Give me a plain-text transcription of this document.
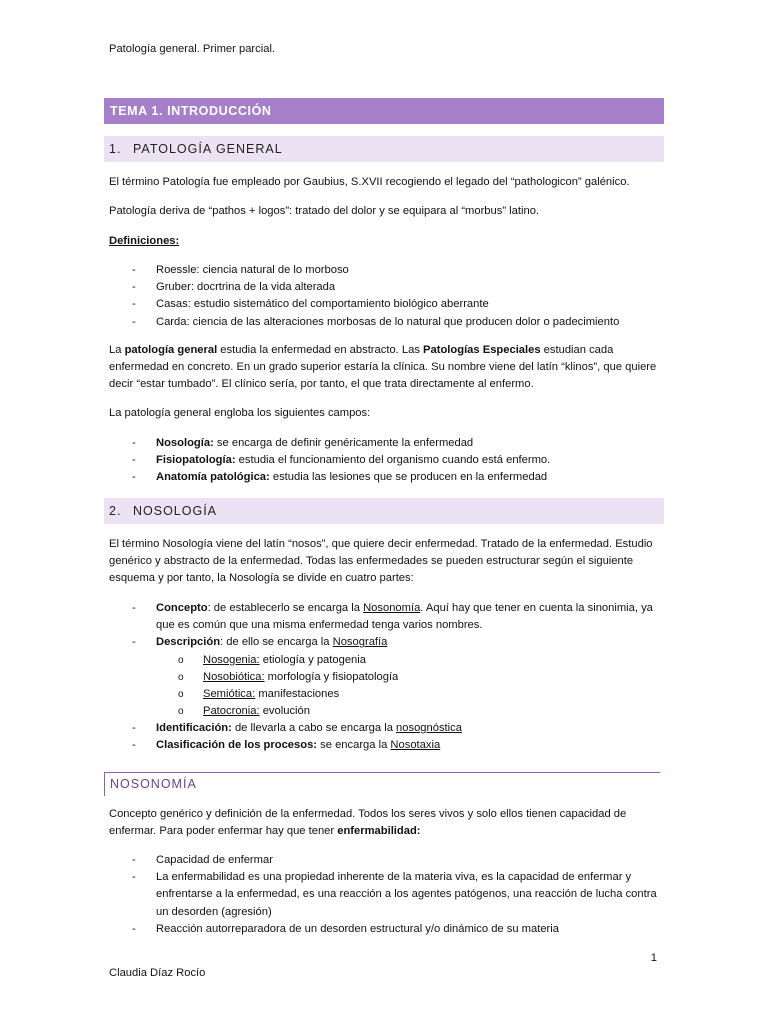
Patología general. Primer parcial.
TEMA 1. INTRODUCCIÓN
1. PATOLOGÍA GENERAL
El término Patología fue empleado por Gaubius, S.XVII recogiendo el legado del “pathologicon” galénico.
Patología deriva de “pathos + logos”: tratado del dolor y se equipara al “morbus” latino.
Definiciones:
- Roessle: ciencia natural de lo morboso
- Gruber: docrtrina de la vida alterada
- Casas: estudio sistemático del comportamiento biológico aberrante
- Carda: ciencia de las alteraciones morbosas de lo natural que producen dolor o padecimiento
La patología general estudia la enfermedad en abstracto. Las Patologías Especiales estudian cada enfermedad en concreto. En un grado superior estaría la clínica. Su nombre viene del latín “klinos”, que quiere decir “estar tumbado”. El clínico sería, por tanto, el que trata directamente al enfermo.
La patología general engloba los siguientes campos:
- Nosología: se encarga de definir genéricamente la enfermedad
- Fisiopatología: estudia el funcionamiento del organismo cuando está enfermo.
- Anatomía patológica: estudia las lesiones que se producen en la enfermedad
2. NOSOLOGÍA
El término Nosología viene del latín “nosos”, que quiere decir enfermedad. Tratado de la enfermedad. Estudio genérico y abstracto de la enfermedad. Todas las enfermedades se pueden estructurar según el siguiente esquema y por tanto, la Nosología se divide en cuatro partes:
- Concepto: de establecerlo se encarga la Nosonomía. Aquí hay que tener en cuenta la sinonimia, ya que es común que una misma enfermedad tenga varios nombres.
- Descripción: de ello se encarga la Nosografía
o Nosogenia: etiología y patogenia
o Nosobiótica: morfología y fisiopatología
o Semiótica: manifestaciones
o Patocronia: evolución
- Identificación: de llevarla a cabo se encarga la nosognóstica
- Clasificación de los procesos: se encarga la Nosotaxia
NOSONOMÍA
Concepto genérico y definición de la enfermedad. Todos los seres vivos y solo ellos tienen capacidad de enfermar. Para poder enfermar hay que tener enfermabilidad:
- Capacidad de enfermar
- La enfermabilidad es una propiedad inherente de la materia viva, es la capacidad de enfermar y enfrentarse a la enfermedad, es una reacción a los agentes patógenos, una reacción de lucha contra un desorden (agresión)
- Reacción autorreparadora de un desorden estructural y/o dinámico de su materia
1
Claudia Díaz Rocío
